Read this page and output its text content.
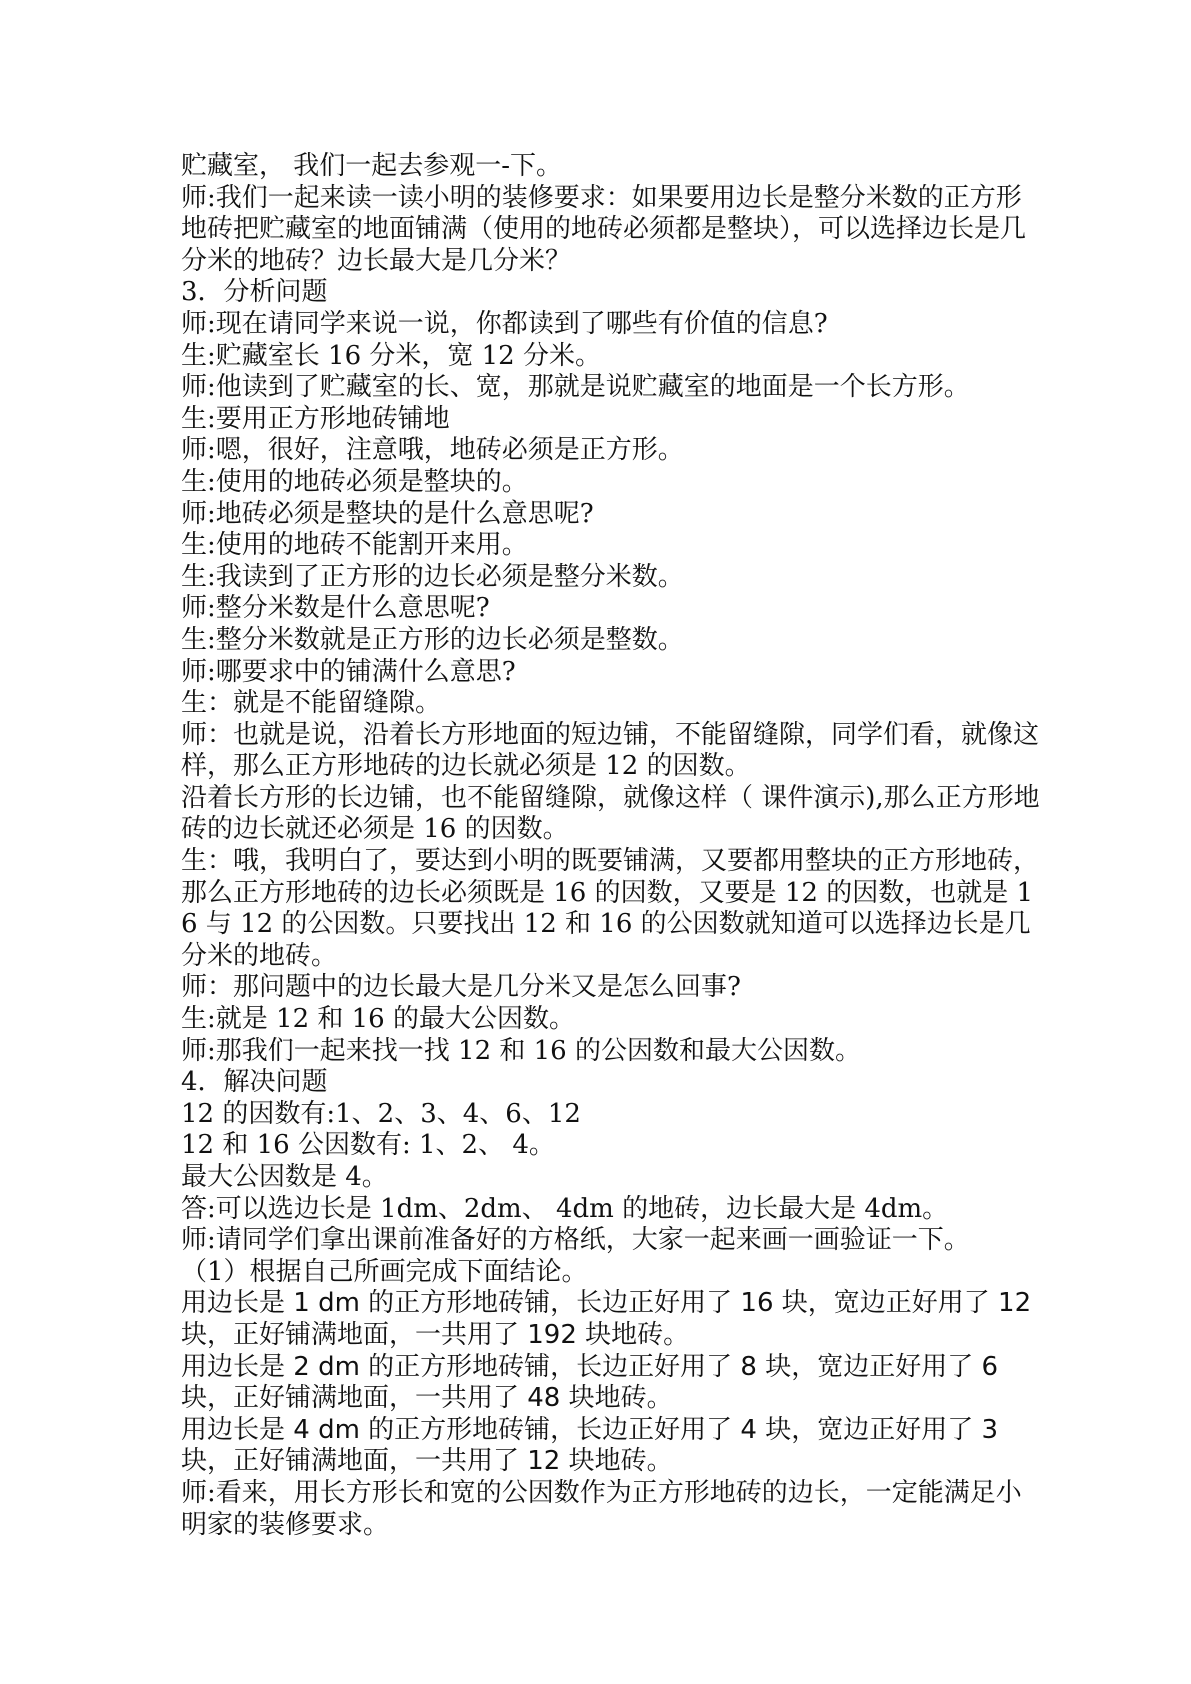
贮藏室， 我们一起去参观一-下。

师:我们一起来读一读小明的装修要求：如果要用边长是整分米数的正方形地砖把贮藏室的地面铺满（使用的地砖必须都是整块），可以选择边长是几分米的地砖？边长最大是几分米？

3．分析问题

师:现在请同学来说一说，你都读到了哪些有价值的信息?

生:贮藏室长 16 分米，宽 12 分米。

师:他读到了贮藏室的长、宽，那就是说贮藏室的地面是一个长方形。

生:要用正方形地砖铺地

师:嗯，很好，注意哦，地砖必须是正方形。

生:使用的地砖必须是整块的。

师:地砖必须是整块的是什么意思呢?

生:使用的地砖不能割开来用。

生:我读到了正方形的边长必须是整分米数。

师:整分米数是什么意思呢?

生:整分米数就是正方形的边长必须是整数。

师:哪要求中的铺满什么意思?

生：就是不能留缝隙。

师：也就是说，沿着长方形地面的短边铺，不能留缝隙，同学们看，就像这样，那么正方形地砖的边长就必须是 12 的因数。

沿着长方形的长边铺，也不能留缝隙，就像这样（ 课件演示),那么正方形地砖的边长就还必须是 16 的因数。

生：哦，我明白了，要达到小明的既要铺满，又要都用整块的正方形地砖，那么正方形地砖的边长必须既是 16 的因数，又要是 12 的因数，也就是 16 与 12 的公因数。只要找出 12 和 16 的公因数就知道可以选择边长是几分米的地砖。

师：那问题中的边长最大是几分米又是怎么回事?

生:就是 12 和 16 的最大公因数。

师:那我们一起来找一找 12 和 16 的公因数和最大公因数。

4．解决问题

12 的因数有:1、2、3、4、6、12

12 和 16 公因数有: 1、2、 4。

最大公因数是 4。

答:可以选边长是 1dm、2dm、 4dm 的地砖，边长最大是 4dm。

师:请同学们拿出课前准备好的方格纸，大家一起来画一画验证一下。

（1）根据自己所画完成下面结论。

用边长是 1 dm 的正方形地砖铺，长边正好用了 16 块，宽边正好用了 12 块，正好铺满地面，一共用了 192 块地砖。

用边长是 2 dm 的正方形地砖铺，长边正好用了 8 块，宽边正好用了 6 块，正好铺满地面，一共用了 48 块地砖。

用边长是 4 dm 的正方形地砖铺，长边正好用了 4 块，宽边正好用了 3 块，正好铺满地面，一共用了 12 块地砖。

师:看来，用长方形长和宽的公因数作为正方形地砖的边长，一定能满足小明家的装修要求。
